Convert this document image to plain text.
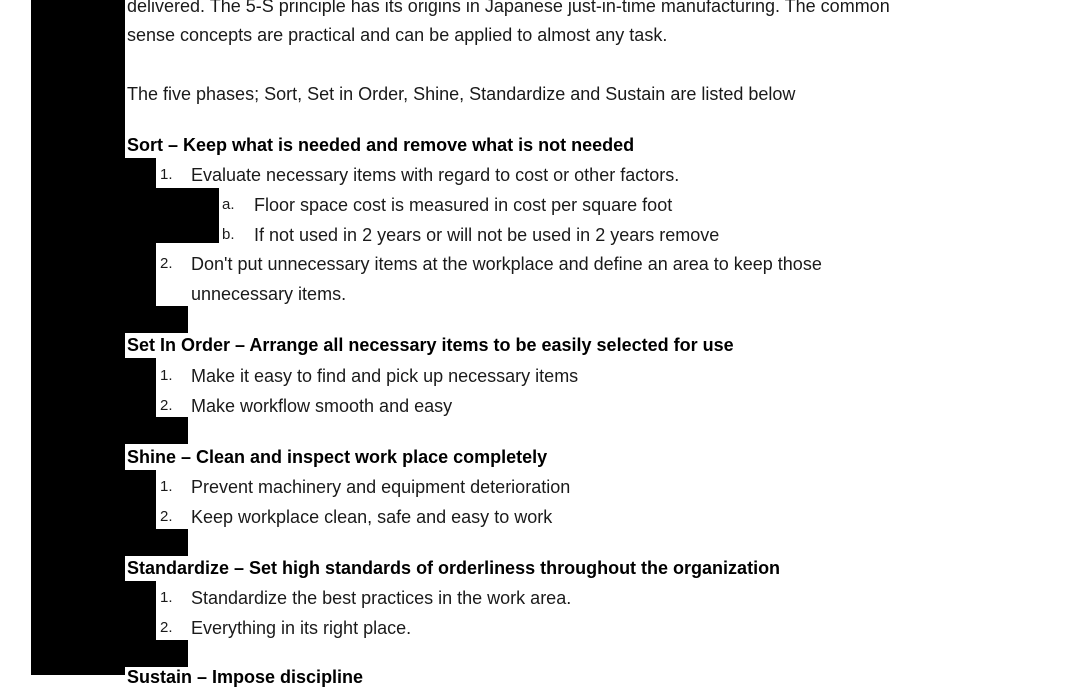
delivered. The 5-S principle has its origins in Japanese just-in-time manufacturing. The common
sense concepts are practical and can be applied to almost any task.
The five phases; Sort, Set in Order, Shine, Standardize and Sustain are listed below
Sort – Keep what is needed and remove what is not needed
1. Evaluate necessary items with regard to cost or other factors.
a. Floor space cost is measured in cost per square foot
b. If not used in 2 years or will not be used in 2 years remove
2. Don't put unnecessary items at the workplace and define an area to keep those
unnecessary items.
Set In Order – Arrange all necessary items to be easily selected for use
1. Make it easy to find and pick up necessary items
2. Make workflow smooth and easy
Shine – Clean and inspect work place completely
1. Prevent machinery and equipment deterioration
2. Keep workplace clean, safe and easy to work
Standardize – Set high standards of orderliness throughout the organization
1. Standardize the best practices in the work area.
2. Everything in its right place.
Sustain – Impose discipline
